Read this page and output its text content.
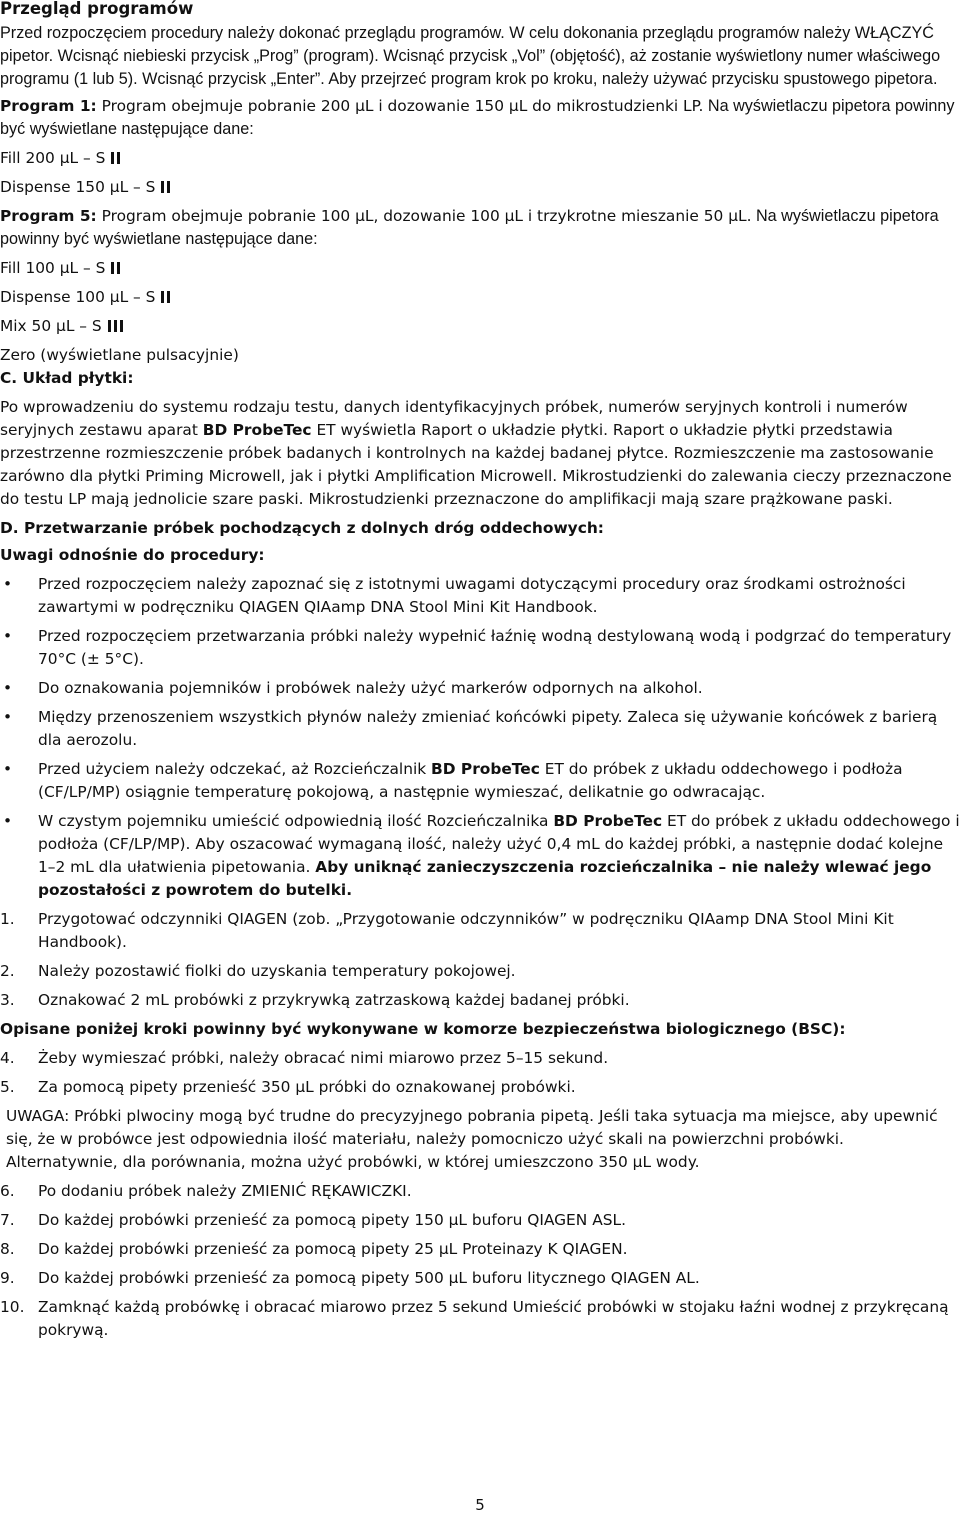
Przegląd programów

Przed rozpoczęciem procedury należy dokonać przeglądu programów. W celu dokonania przeglądu programów należy WŁĄCZYĆ pipetor. Wcisnąć niebieski przycisk „Prog” (program). Wcisnąć przycisk „Vol” (objętość), aż zostanie wyświetlony numer właściwego programu (1 lub 5). Wcisnąć przycisk „Enter”. Aby przejrzeć program krok po kroku, należy używać przycisku spustowego pipetora.

Program 1: Program obejmuje pobranie 200 µL i dozowanie 150 µL do mikrostudzienki LP. Na wyświetlaczu pipetora powinny być wyświetlane następujące dane:

Fill 200 µL – S

Dispense 150 µL – S

Program 5: Program obejmuje pobranie 100 µL, dozowanie 100 µL i trzykrotne mieszanie 50 µL. Na wyświetlaczu pipetora powinny być wyświetlane następujące dane:

Fill 100 µL – S

Dispense 100 µL – S

Mix 50 µL – S

Zero (wyświetlane pulsacyjnie)

C. Układ płytki:

Po wprowadzeniu do systemu rodzaju testu, danych identyfikacyjnych próbek, numerów seryjnych kontroli i numerów seryjnych zestawu aparat BD ProbeTec ET wyświetla Raport o układzie płytki. Raport o układzie płytki przedstawia przestrzenne rozmieszczenie próbek badanych i kontrolnych na każdej badanej płytce. Rozmieszczenie ma zastosowanie zarówno dla płytki Priming Microwell, jak i płytki Amplification Microwell. Mikrostudzienki do zalewania cieczy przeznaczone do testu LP mają jednolicie szare paski. Mikrostudzienki przeznaczone do amplifikacji mają szare prążkowane paski.

D. Przetwarzanie próbek pochodzących z dolnych dróg oddechowych:

Uwagi odnośnie do procedury:

• Przed rozpoczęciem należy zapoznać się z istotnymi uwagami dotyczącymi procedury oraz środkami ostrożności zawartymi w podręczniku QIAGEN QIAamp DNA Stool Mini Kit Handbook.
• Przed rozpoczęciem przetwarzania próbki należy wypełnić łaźnię wodną destylowaną wodą i podgrzać do temperatury 70°C (± 5°C).
• Do oznakowania pojemników i probówek należy użyć markerów odpornych na alkohol.
• Między przenoszeniem wszystkich płynów należy zmieniać końcówki pipety. Zaleca się używanie końcówek z barierą dla aerozolu.
• Przed użyciem należy odczekać, aż Rozcieńczalnik BD ProbeTec ET do próbek z układu oddechowego i podłoża (CF/LP/MP) osiągnie temperaturę pokojową, a następnie wymieszać, delikatnie go odwracając.
• W czystym pojemniku umieścić odpowiednią ilość Rozcieńczalnika BD ProbeTec ET do próbek z układu oddechowego i podłoża (CF/LP/MP). Aby oszacować wymaganą ilość, należy użyć 0,4 mL do każdej próbki, a następnie dodać kolejne 1–2 mL dla ułatwienia pipetowania. Aby uniknąć zanieczyszczenia rozcieńczalnika – nie należy wlewać jego pozostałości z powrotem do butelki.
1. Przygotować odczynniki QIAGEN (zob. „Przygotowanie odczynników” w podręczniku QIAamp DNA Stool Mini Kit Handbook).
2. Należy pozostawić fiolki do uzyskania temperatury pokojowej.
3. Oznakować 2 mL probówki z przykrywką zatrzaskową każdej badanej próbki.

Opisane poniżej kroki powinny być wykonywane w komorze bezpieczeństwa biologicznego (BSC):

4. Żeby wymieszać próbki, należy obracać nimi miarowo przez 5–15 sekund.
5. Za pomocą pipety przenieść 350 µL próbki do oznakowanej probówki.

UWAGA: Próbki plwociny mogą być trudne do precyzyjnego pobrania pipetą. Jeśli taka sytuacja ma miejsce, aby upewnić się, że w probówce jest odpowiednia ilość materiału, należy pomocniczo użyć skali na powierzchni probówki. Alternatywnie, dla porównania, można użyć probówki, w której umieszczono 350 µL wody.

6. Po dodaniu próbek należy ZMIENIĆ RĘKAWICZKI.
7. Do każdej probówki przenieść za pomocą pipety 150 µL buforu QIAGEN ASL.
8. Do każdej probówki przenieść za pomocą pipety 25 µL Proteinazy K QIAGEN.
9. Do każdej probówki przenieść za pomocą pipety 500 µL buforu litycznego QIAGEN AL.
10. Zamknąć każdą probówkę i obracać miarowo przez 5 sekund Umieścić probówki w stojaku łaźni wodnej z przykręcaną pokrywą.
5
